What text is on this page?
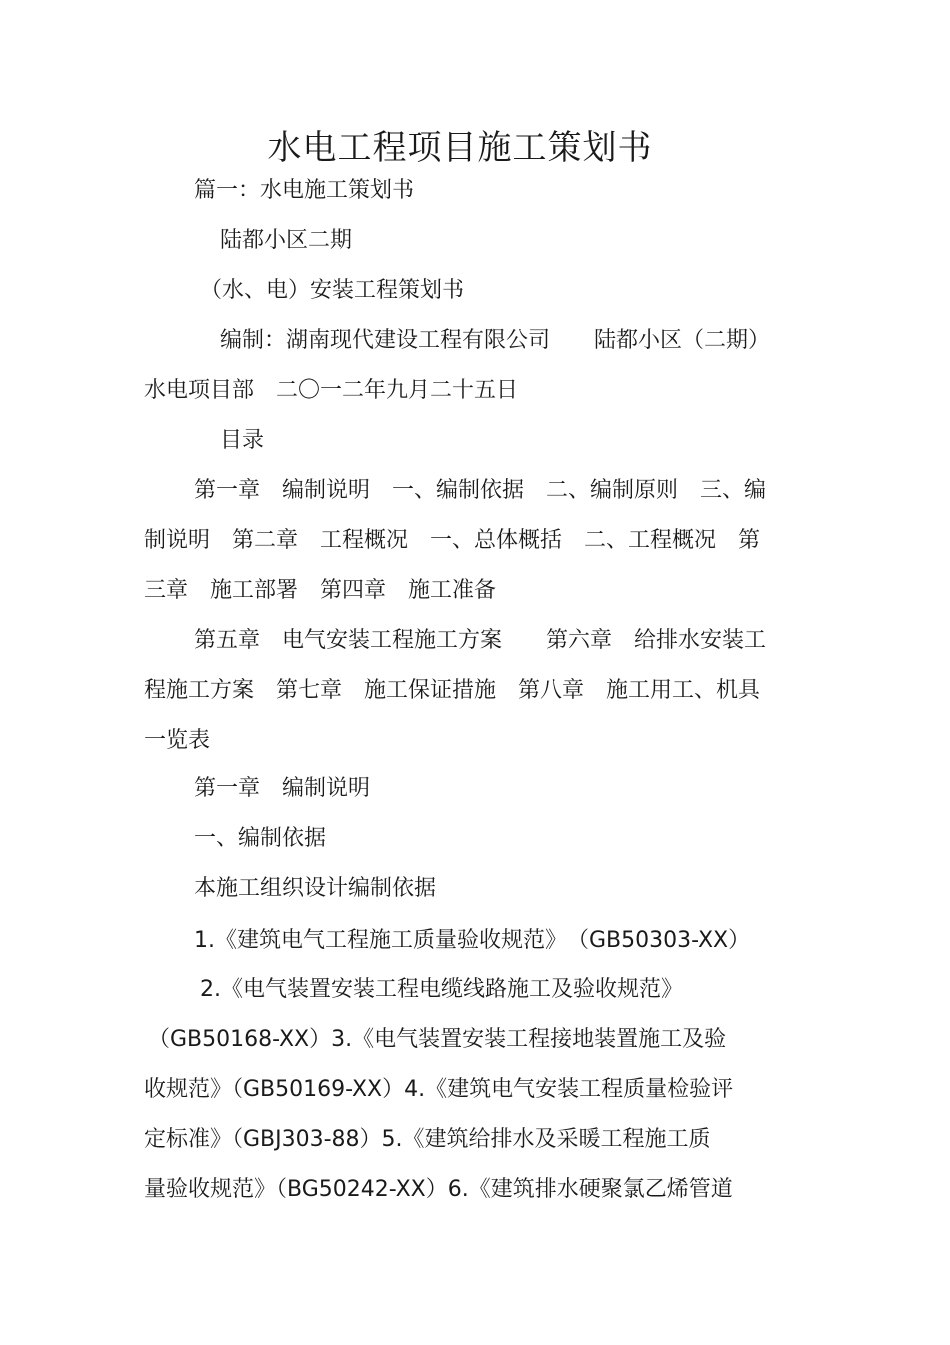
水电工程项目施工策划书
篇一：水电施工策划书
陆都小区二期
（水、电）安装工程策划书
编制：湖南现代建设工程有限公司　　陆都小区（二期）
水电项目部　二〇一二年九月二十五日
目录
第一章　编制说明　一、编制依据　二、编制原则　三、编
制说明　第二章　工程概况　一、总体概括　二、工程概况　第
三章　施工部署　第四章　施工准备
第五章　电气安装工程施工方案　　第六章　给排水安装工
程施工方案　第七章　施工保证措施　第八章　施工用工、机具
一览表
第一章　编制说明
一、编制依据
本施工组织设计编制依据
1.《建筑电气工程施工质量验收规范》　（GB50303-XX）
2.《电气装置安装工程电缆线路施工及验收规范》
（GB50168-XX）3.《电气装置安装工程接地装置施工及验
收规范》（GB50169-XX）4.《建筑电气安装工程质量检验评
定标准》（GBJ303-88）5.《建筑给排水及采暖工程施工质
量验收规范》（BG50242-XX）6.《建筑排水硬聚氯乙烯管道
